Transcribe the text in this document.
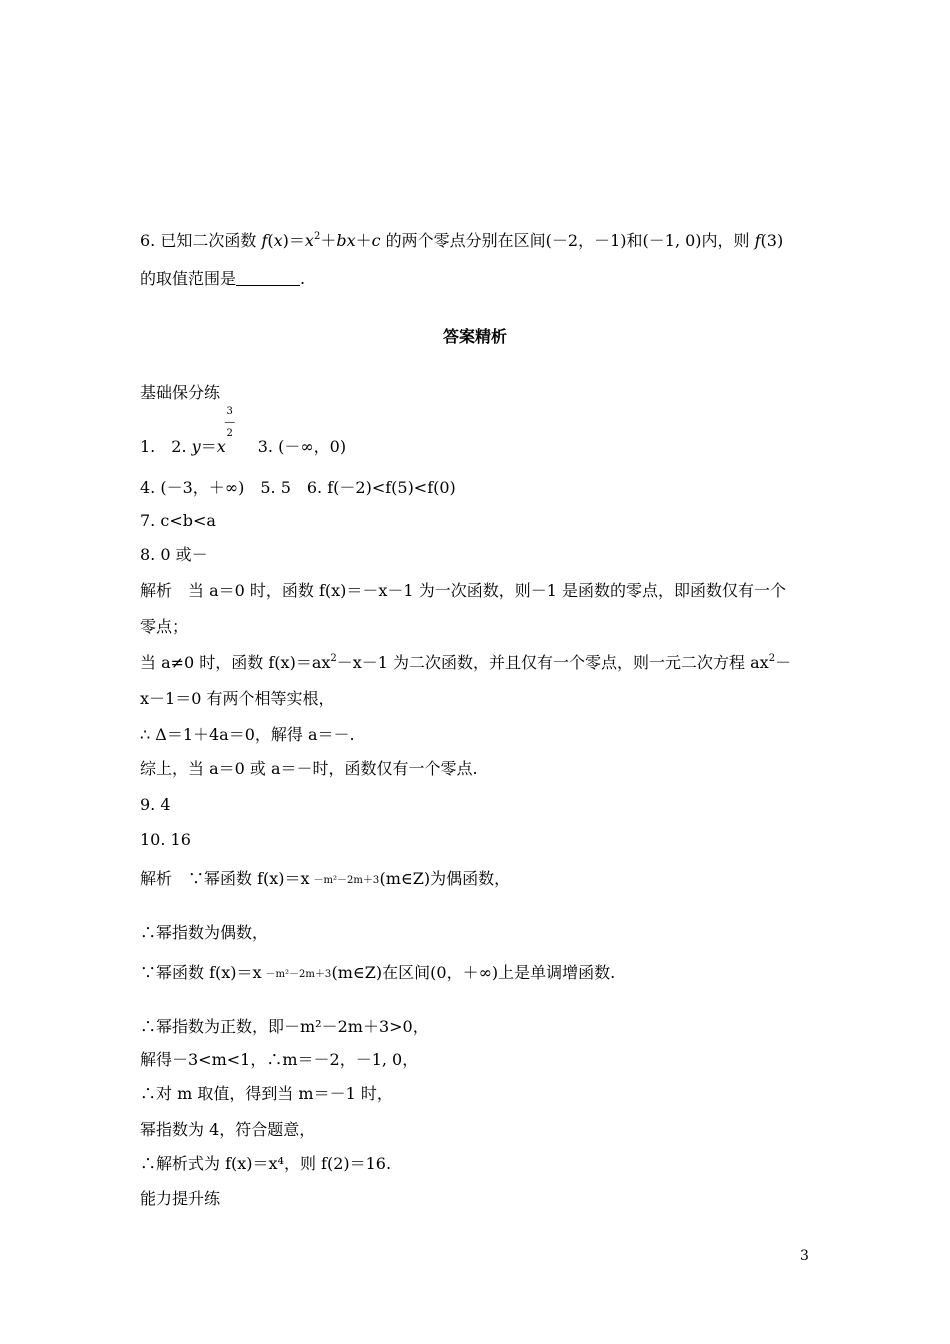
6. 已知二次函数 $f(x)=x^2+bx+c$ 的两个零点分别在区间(－2，－1)和(－1, 0)内，则 f(3)
的取值范围是	.
答案精析
基础保分练
1.　 2. y＝x
3
―
2
　　3. (－∞，0)
4. (－3，＋∞)　5. 5　6. f(－2)<f(5)<f(0)
7. c<b<a
8. 0 或－
解析　当 a＝0 时，函数 f(x)＝－x－1 为一次函数，则－1 是函数的零点，即函数仅有一个
零点；
当 a≠0 时，函数 $f(x)=ax^2-x-1$ 为二次函数，并且仅有一个零点，则一元二次方程 $ax^2-$
x－1＝0 有两个相等实根，
∴ Δ＝1＋4a＝0，解得 a＝－.
综上，当 a＝0 或 a＝－时，函数仅有一个零点.
9. 4
10. 16
解析　∵幂函数 f(x)＝x －m²－2m＋3 (m∈Z)为偶函数，
∴幂指数为偶数，
∵幂函数 f(x)＝x －m²－2m＋3 (m∈Z)在区间(0，＋∞)上是单调增函数.
∴幂指数为正数，即－m²－2m＋3>0，
解得－3<m<1，∴m＝－2，－1, 0，
∴对 m 取值，得到当 m＝－1 时，
幂指数为 4，符合题意，
∴解析式为 f(x)＝x⁴，则 f(2)＝16.
能力提升练
3
